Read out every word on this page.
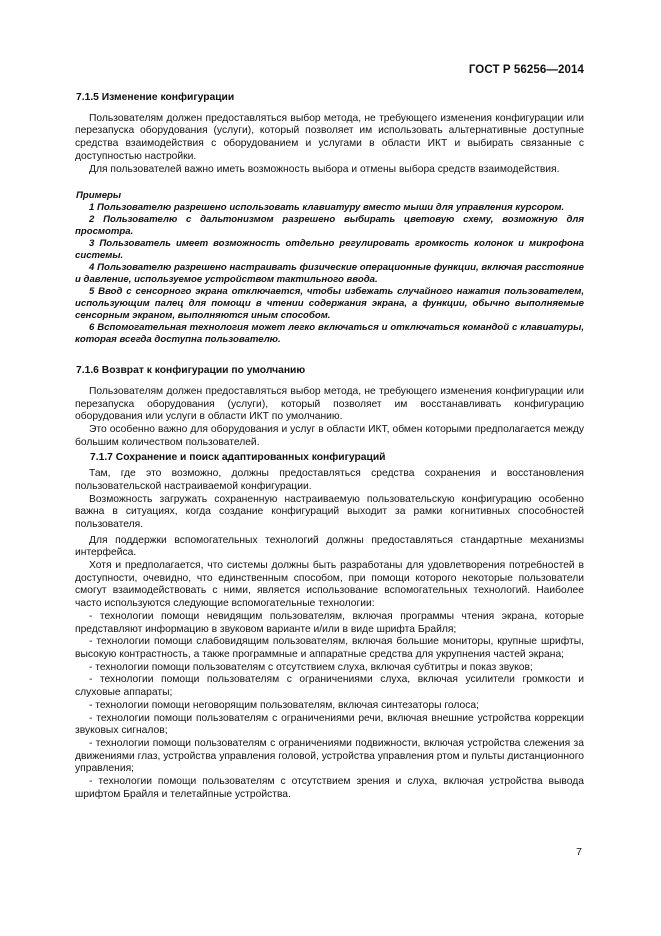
ГОСТ Р 56256—2014

7.1.5 Изменение конфигурации

Пользователям должен предоставляться выбор метода, не требующего изменения конфигурации или перезапуска оборудования (услуги), который позволяет им использовать альтернативные доступные средства взаимодействия с оборудованием и услугами в области ИКТ и выбирать связанные с доступностью настройки.

Для пользователей важно иметь возможность выбора и отмены выбора средств взаимодействия.

Примеры

1 Пользователю разрешено использовать клавиатуру вместо мыши для управления курсором.

2 Пользователю с дальтонизмом разрешено выбирать цветовую схему, возможную для просмотра.

3 Пользователь имеет возможность отдельно регулировать громкость колонок и микрофона системы.

4 Пользователю разрешено настраивать физические операционные функции, включая расстояние и давление, используемое устройством тактильного ввода.

5 Ввод с сенсорного экрана отключается, чтобы избежать случайного нажатия пользователем, использующим палец для помощи в чтении содержания экрана, а функции, обычно выполняемые сенсорным экраном, выполняются иным способом.

6 Вспомогательная технология может легко включаться и отключаться командой с клавиатуры, которая всегда доступна пользователю.

7.1.6 Возврат к конфигурации по умолчанию

Пользователям должен предоставляться выбор метода, не требующего изменения конфигурации или перезапуска оборудования (услуги), который позволяет им восстанавливать конфигурацию оборудования или услуги в области ИКТ по умолчанию.

Это особенно важно для оборудования и услуг в области ИКТ, обмен которыми предполагается между большим количеством пользователей.

7.1.7 Сохранение и поиск адаптированных конфигураций

Там, где это возможно, должны предоставляться средства сохранения и восстановления пользовательской настраиваемой конфигурации.

Возможность загружать сохраненную настраиваемую пользовательскую конфигурацию особенно важна в ситуациях, когда создание конфигураций выходит за рамки когнитивных способностей пользователя.

Для поддержки вспомогательных технологий должны предоставляться стандартные механизмы интерфейса.

Хотя и предполагается, что системы должны быть разработаны для удовлетворения потребностей в доступности, очевидно, что единственным способом, при помощи которого некоторые пользователи смогут взаимодействовать с ними, является использование вспомогательных технологий. Наиболее часто используются следующие вспомогательные технологии:

- технологии помощи невидящим пользователям, включая программы чтения экрана, которые представляют информацию в звуковом варианте и/или в виде шрифта Брайля;

- технологии помощи слабовидящим пользователям, включая большие мониторы, крупные шрифты, высокую контрастность, а также программные и аппаратные средства для укрупнения частей экрана;

- технологии помощи пользователям с отсутствием слуха, включая субтитры и показ звуков;

- технологии помощи пользователям с ограничениями слуха, включая усилители громкости и слуховые аппараты;

- технологии помощи неговорящим пользователям, включая синтезаторы голоса;

- технологии помощи пользователям с ограничениями речи, включая внешние устройства коррекции звуковых сигналов;

- технологии помощи пользователям с ограничениями подвижности, включая устройства слежения за движениями глаз, устройства управления головой, устройства управления ртом и пульты дистанционного управления;

- технологии помощи пользователям с отсутствием зрения и слуха, включая устройства вывода шрифтом Брайля и телетайпные устройства.

7
